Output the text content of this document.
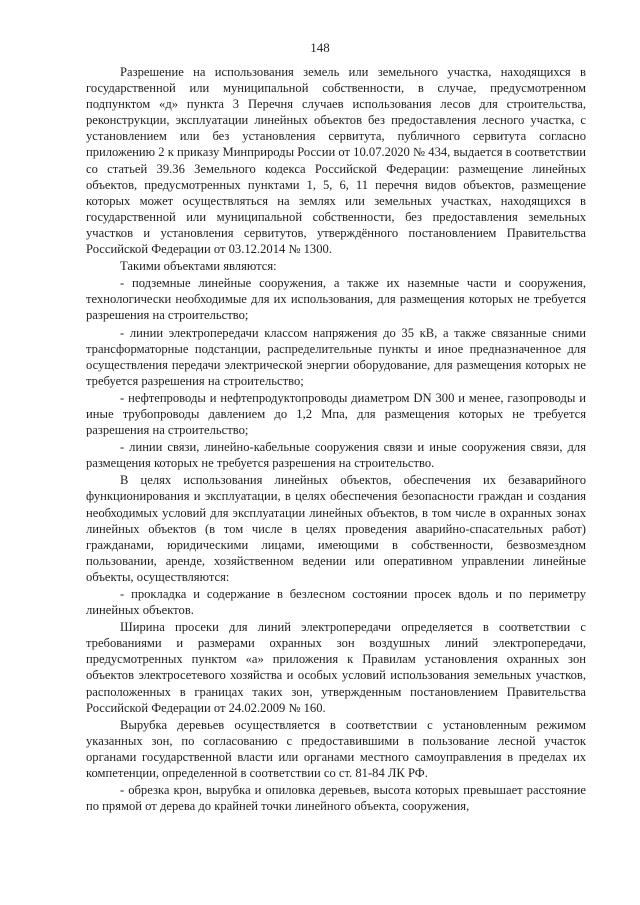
148

Разрешение на использования земель или земельного участка, находящихся в государственной или муниципальной собственности, в случае, предусмотренном подпунктом «д» пункта 3 Перечня случаев использования лесов для строительства, реконструкции, эксплуатации линейных объектов без предоставления лесного участка, с установлением или без установления сервитута, публичного сервитута согласно приложению 2 к приказу Минприроды России от 10.07.2020 № 434, выдается в соответствии со статьей 39.36 Земельного кодекса Российской Федерации: размещение линейных объектов, предусмотренных пунктами 1, 5, 6, 11 перечня видов объектов, размещение которых может осуществляться на землях или земельных участках, находящихся в государственной или муниципальной собственности, без предоставления земельных участков и установления сервитутов, утверждённого постановлением Правительства Российской Федерации от 03.12.2014 № 1300.

Такими объектами являются:

- подземные линейные сооружения, а также их наземные части и сооружения, технологически необходимые для их использования, для размещения которых не требуется разрешения на строительство;

- линии электропередачи классом напряжения до 35 кВ, а также связанные сними трансформаторные подстанции, распределительные пункты и иное предназначенное для осуществления передачи электрической энергии оборудование, для размещения которых не требуется разрешения на строительство;

- нефтепроводы и нефтепродуктопроводы диаметром DN 300 и менее, газопроводы и иные трубопроводы давлением до 1,2 Мпа, для размещения которых не требуется разрешения на строительство;

- линии связи, линейно-кабельные сооружения связи и иные сооружения связи, для размещения которых не требуется разрешения на строительство.

В целях использования линейных объектов, обеспечения их безаварийного функционирования и эксплуатации, в целях обеспечения безопасности граждан и создания необходимых условий для эксплуатации линейных объектов, в том числе в охранных зонах линейных объектов (в том числе в целях проведения аварийно-спасательных работ) гражданами, юридическими лицами, имеющими в собственности, безвозмездном пользовании, аренде, хозяйственном ведении или оперативном управлении линейные объекты, осуществляются:

- прокладка и содержание в безлесном состоянии просек вдоль и по периметру линейных объектов.

Ширина просеки для линий электропередачи определяется в соответствии с требованиями и размерами охранных зон воздушных линий электропередачи, предусмотренных пунктом «а» приложения к Правилам установления охранных зон объектов электросетевого хозяйства и особых условий использования земельных участков, расположенных в границах таких зон, утвержденным постановлением Правительства Российской Федерации от 24.02.2009 № 160.

Вырубка деревьев осуществляется в соответствии с установленным режимом указанных зон, по согласованию с предоставившими в пользование лесной участок органами государственной власти или органами местного самоуправления в пределах их компетенции, определенной в соответствии со ст. 81-84 ЛК РФ.

- обрезка крон, вырубка и опиловка деревьев, высота которых превышает расстояние по прямой от дерева до крайней точки линейного объекта, сооружения,
